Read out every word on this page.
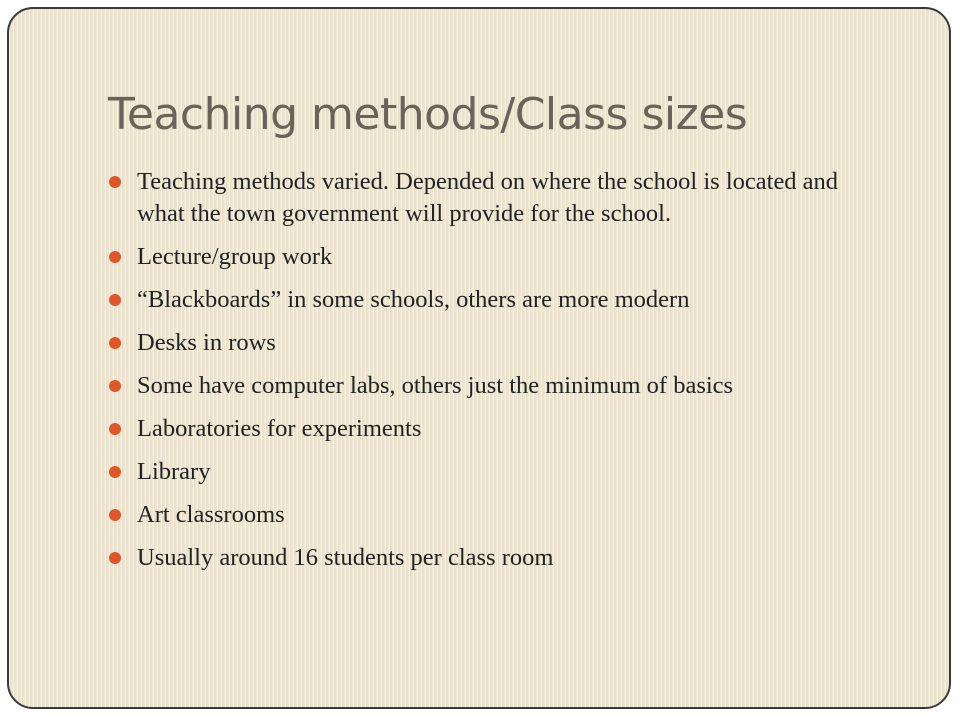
Teaching methods/Class sizes
Teaching methods varied. Depended on where the school is located and what the town government will provide for the school.
Lecture/group work
“Blackboards” in some schools, others are more modern
Desks in rows
Some have computer labs, others just the minimum of basics
Laboratories for experiments
Library
Art classrooms
Usually around 16 students per class room
